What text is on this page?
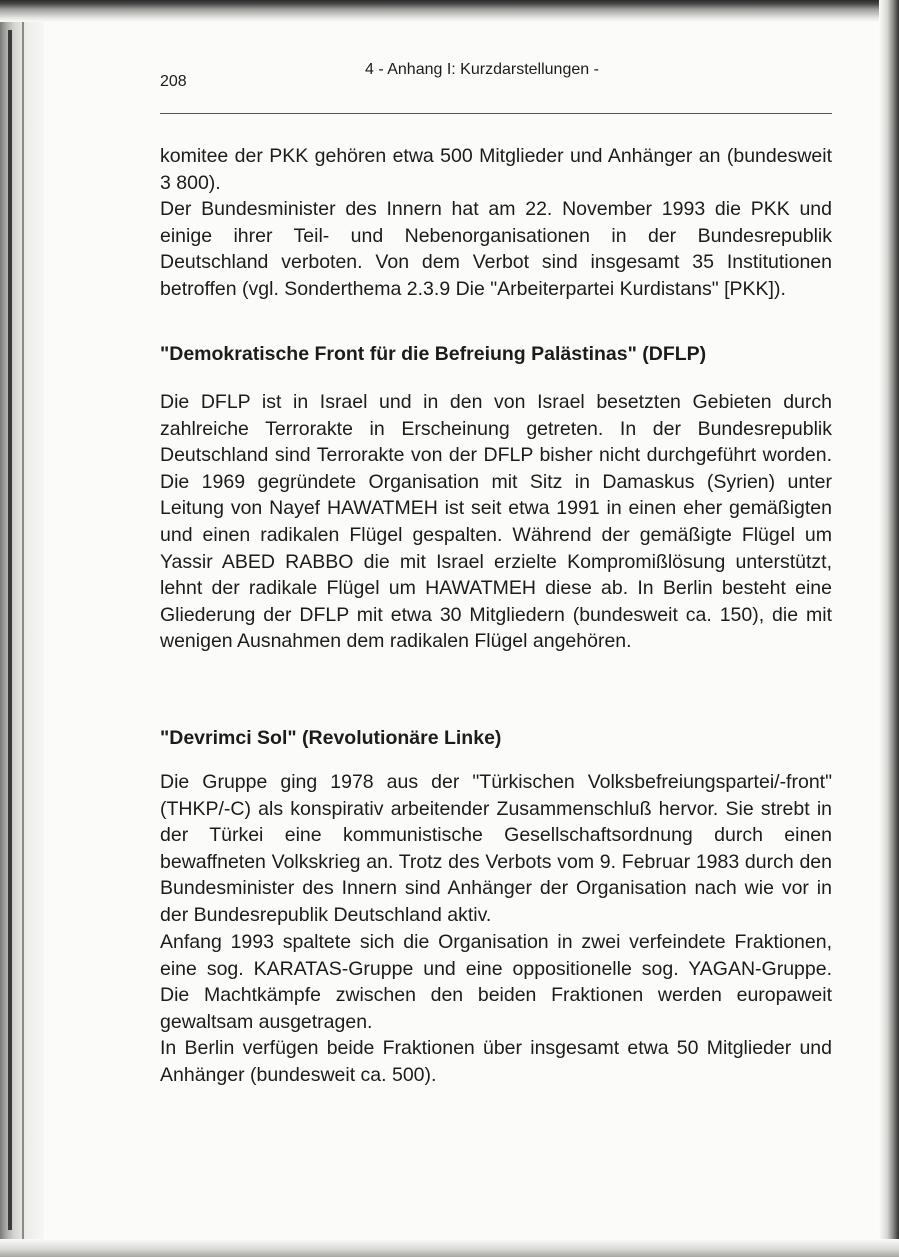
208
4 - Anhang I: Kurzdarstellungen -
komitee der PKK gehören etwa 500 Mitglieder und Anhänger an (bundesweit 3 800).
Der Bundesminister des Innern hat am 22. November 1993 die PKK und einige ihrer Teil- und Nebenorganisationen in der Bundesrepublik Deutschland verboten. Von dem Verbot sind insgesamt 35 Institutionen betroffen (vgl. Sonderthema 2.3.9 Die "Arbeiterpartei Kurdistans" [PKK]).
"Demokratische Front für die Befreiung Palästinas" (DFLP)
Die DFLP ist in Israel und in den von Israel besetzten Gebieten durch zahlreiche Terrorakte in Erscheinung getreten. In der Bundesrepublik Deutschland sind Terrorakte von der DFLP bisher nicht durchgeführt worden. Die 1969 gegründete Organisation mit Sitz in Damaskus (Syrien) unter Leitung von Nayef HAWATMEH ist seit etwa 1991 in einen eher gemäßigten und einen radikalen Flügel gespalten. Während der gemäßigte Flügel um Yassir ABED RABBO die mit Israel erzielte Kompromißlösung unterstützt, lehnt der radikale Flügel um HAWATMEH diese ab. In Berlin besteht eine Gliederung der DFLP mit etwa 30 Mitgliedern (bundesweit ca. 150), die mit wenigen Ausnahmen dem radikalen Flügel angehören.
"Devrimci Sol" (Revolutionäre Linke)
Die Gruppe ging 1978 aus der "Türkischen Volksbefreiungspartei/-front" (THKP/-C) als konspirativ arbeitender Zusammenschluß hervor. Sie strebt in der Türkei eine kommunistische Gesellschaftsordnung durch einen bewaffneten Volkskrieg an. Trotz des Verbots vom 9. Februar 1983 durch den Bundesminister des Innern sind Anhänger der Organisation nach wie vor in der Bundesrepublik Deutschland aktiv.
Anfang 1993 spaltete sich die Organisation in zwei verfeindete Fraktionen, eine sog. KARATAS-Gruppe und eine oppositionelle sog. YAGAN-Gruppe. Die Machtkämpfe zwischen den beiden Fraktionen werden europaweit gewaltsam ausgetragen.
In Berlin verfügen beide Fraktionen über insgesamt etwa 50 Mitglieder und Anhänger (bundesweit ca. 500).
